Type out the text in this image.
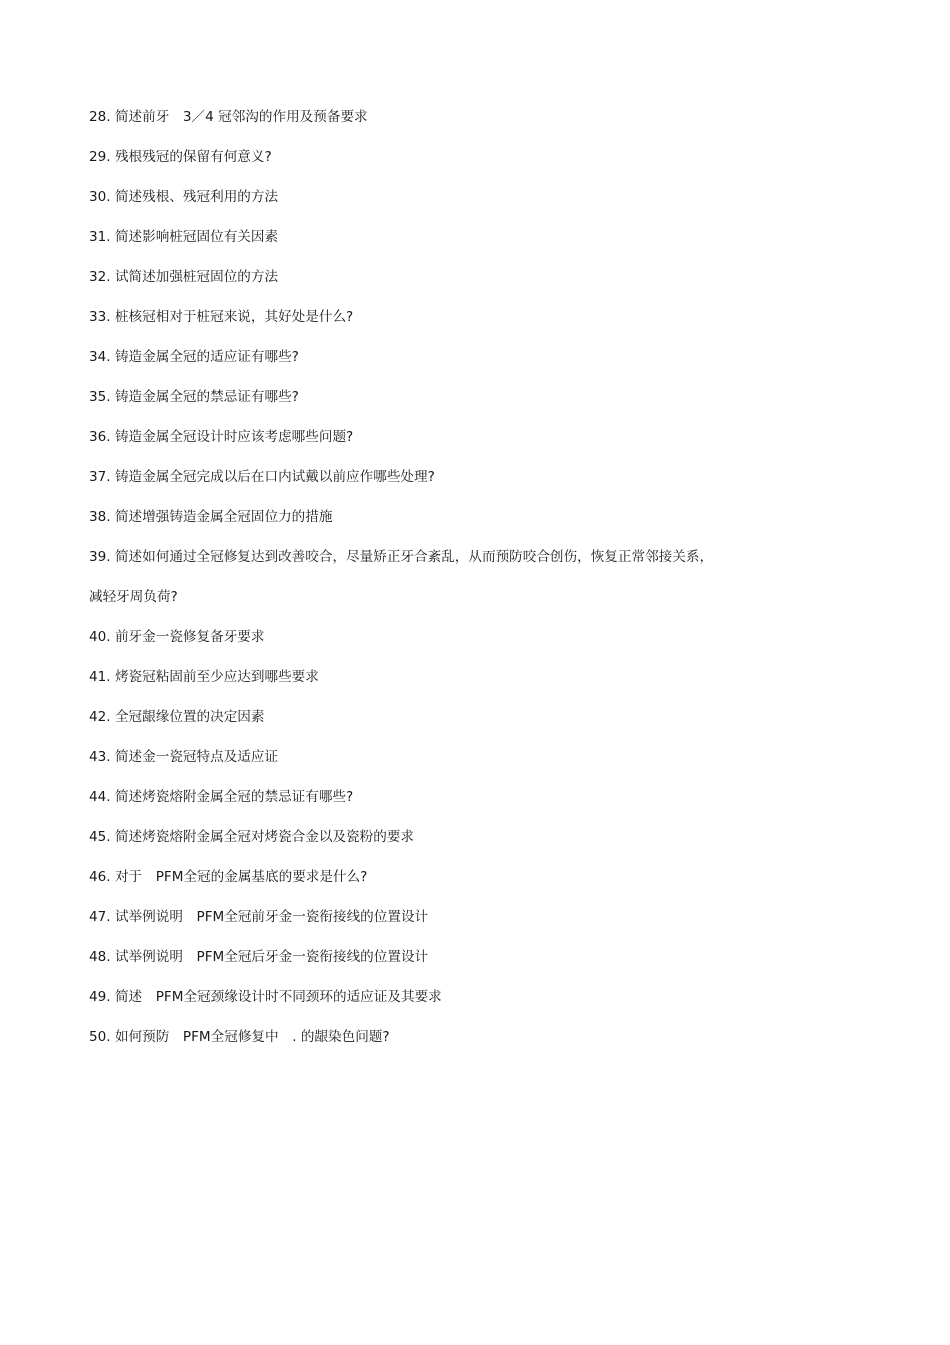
28. 简述前牙　3／4 冠邻沟的作用及预备要求
29. 残根残冠的保留有何意义?
30. 简述残根、残冠利用的方法
31. 简述影响桩冠固位有关因素
32. 试简述加强桩冠固位的方法
33. 桩核冠相对于桩冠来说，其好处是什么?
34. 铸造金属全冠的适应证有哪些?
35. 铸造金属全冠的禁忌证有哪些?
36. 铸造金属全冠设计时应该考虑哪些问题?
37. 铸造金属全冠完成以后在口内试戴以前应作哪些处理?
38. 简述增强铸造金属全冠固位力的措施
39. 简述如何通过全冠修复达到改善咬合，尽量矫正牙合紊乱，从而预防咬合创伤，恢复正常邻接关系，
减轻牙周负荷?
40. 前牙金一瓷修复备牙要求
41. 烤瓷冠粘固前至少应达到哪些要求
42. 全冠龈缘位置的决定因素
43. 简述金一瓷冠特点及适应证
44. 简述烤瓷熔附金属全冠的禁忌证有哪些?
45. 简述烤瓷熔附金属全冠对烤瓷合金以及瓷粉的要求
46. 对于　PFM全冠的金属基底的要求是什么?
47. 试举例说明　PFM全冠前牙金一瓷衔接线的位置设计
48. 试举例说明　PFM全冠后牙金一瓷衔接线的位置设计
49. 简述　PFM全冠颈缘设计时不同颈环的适应证及其要求
50. 如何预防　PFM全冠修复中　. 的龈染色问题?
